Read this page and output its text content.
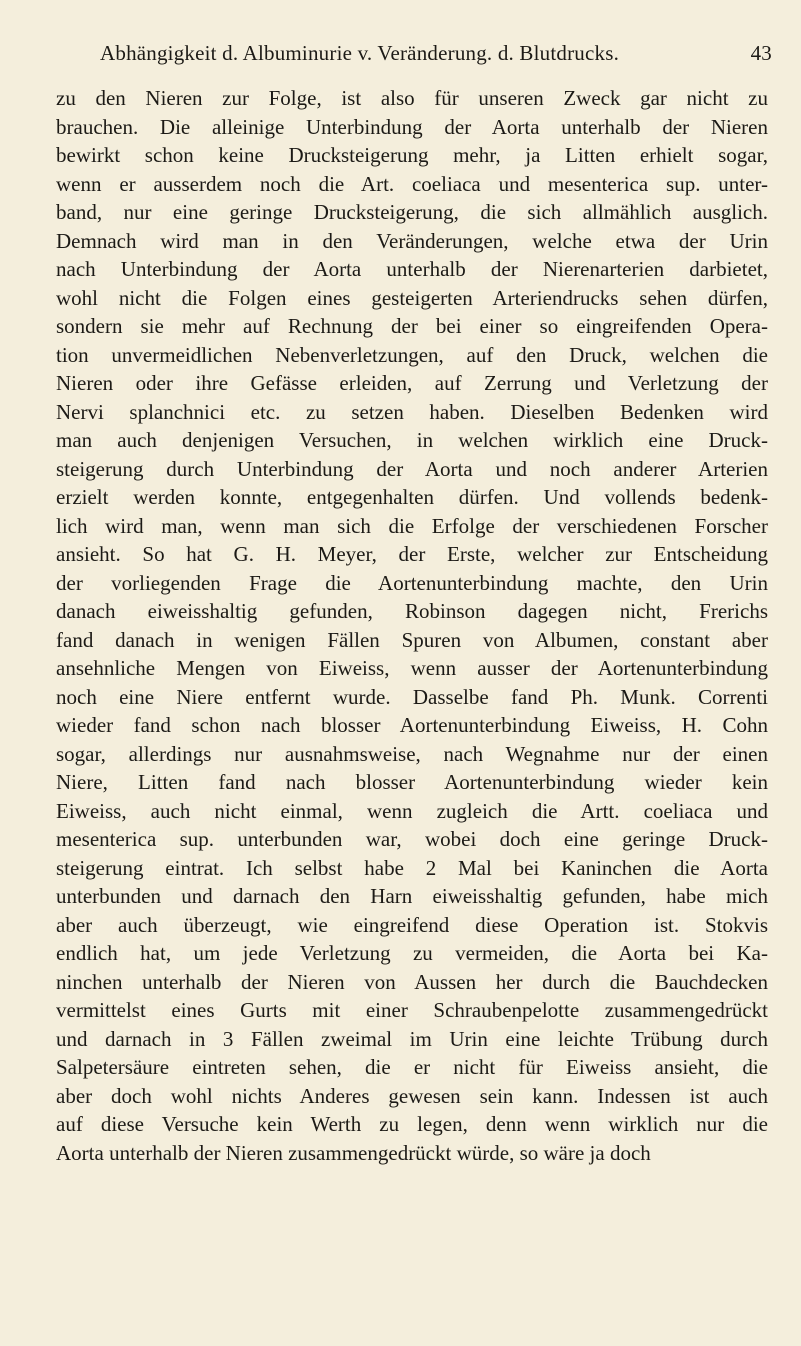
Abhängigkeit d. Albuminurie v. Veränderung. d. Blutdrucks.	43
zu den Nieren zur Folge, ist also für unseren Zweck gar nicht zu
brauchen. Die alleinige Unterbindung der Aorta unterhalb der Nieren
bewirkt schon keine Drucksteigerung mehr, ja Litten erhielt sogar,
wenn er ausserdem noch die Art. coeliaca und mesenterica sup. unter-
band, nur eine geringe Drucksteigerung, die sich allmählich ausglich.
Demnach wird man in den Veränderungen, welche etwa der Urin
nach Unterbindung der Aorta unterhalb der Nierenarterien darbietet,
wohl nicht die Folgen eines gesteigerten Arteriendrucks sehen dürfen,
sondern sie mehr auf Rechnung der bei einer so eingreifenden Opera-
tion unvermeidlichen Nebenverletzungen, auf den Druck, welchen die
Nieren oder ihre Gefässe erleiden, auf Zerrung und Verletzung der
Nervi splanchnici etc. zu setzen haben. Dieselben Bedenken wird
man auch denjenigen Versuchen, in welchen wirklich eine Druck-
steigerung durch Unterbindung der Aorta und noch anderer Arterien
erzielt werden konnte, entgegenhalten dürfen. Und vollends bedenk-
lich wird man, wenn man sich die Erfolge der verschiedenen Forscher
ansieht. So hat G. H. Meyer, der Erste, welcher zur Entscheidung
der vorliegenden Frage die Aortenunterbindung machte, den Urin
danach eiweisshaltig gefunden, Robinson dagegen nicht, Frerichs
fand danach in wenigen Fällen Spuren von Albumen, constant aber
ansehnliche Mengen von Eiweiss, wenn ausser der Aortenunterbindung
noch eine Niere entfernt wurde. Dasselbe fand Ph. Munk. Correnti
wieder fand schon nach blosser Aortenunterbindung Eiweiss, H. Cohn
sogar, allerdings nur ausnahmsweise, nach Wegnahme nur der einen
Niere, Litten fand nach blosser Aortenunterbindung wieder kein
Eiweiss, auch nicht einmal, wenn zugleich die Artt. coeliaca und
mesenterica sup. unterbunden war, wobei doch eine geringe Druck-
steigerung eintrat. Ich selbst habe 2 Mal bei Kaninchen die Aorta
unterbunden und darnach den Harn eiweisshaltig gefunden, habe mich
aber auch überzeugt, wie eingreifend diese Operation ist. Stokvis
endlich hat, um jede Verletzung zu vermeiden, die Aorta bei Ka-
ninchen unterhalb der Nieren von Aussen her durch die Bauchdecken
vermittelst eines Gurts mit einer Schraubenpelotte zusammengedrückt
und darnach in 3 Fällen zweimal im Urin eine leichte Trübung durch
Salpetersäure eintreten sehen, die er nicht für Eiweiss ansieht, die
aber doch wohl nichts Anderes gewesen sein kann. Indessen ist auch
auf diese Versuche kein Werth zu legen, denn wenn wirklich nur die
Aorta unterhalb der Nieren zusammengedrückt würde, so wäre ja doch
